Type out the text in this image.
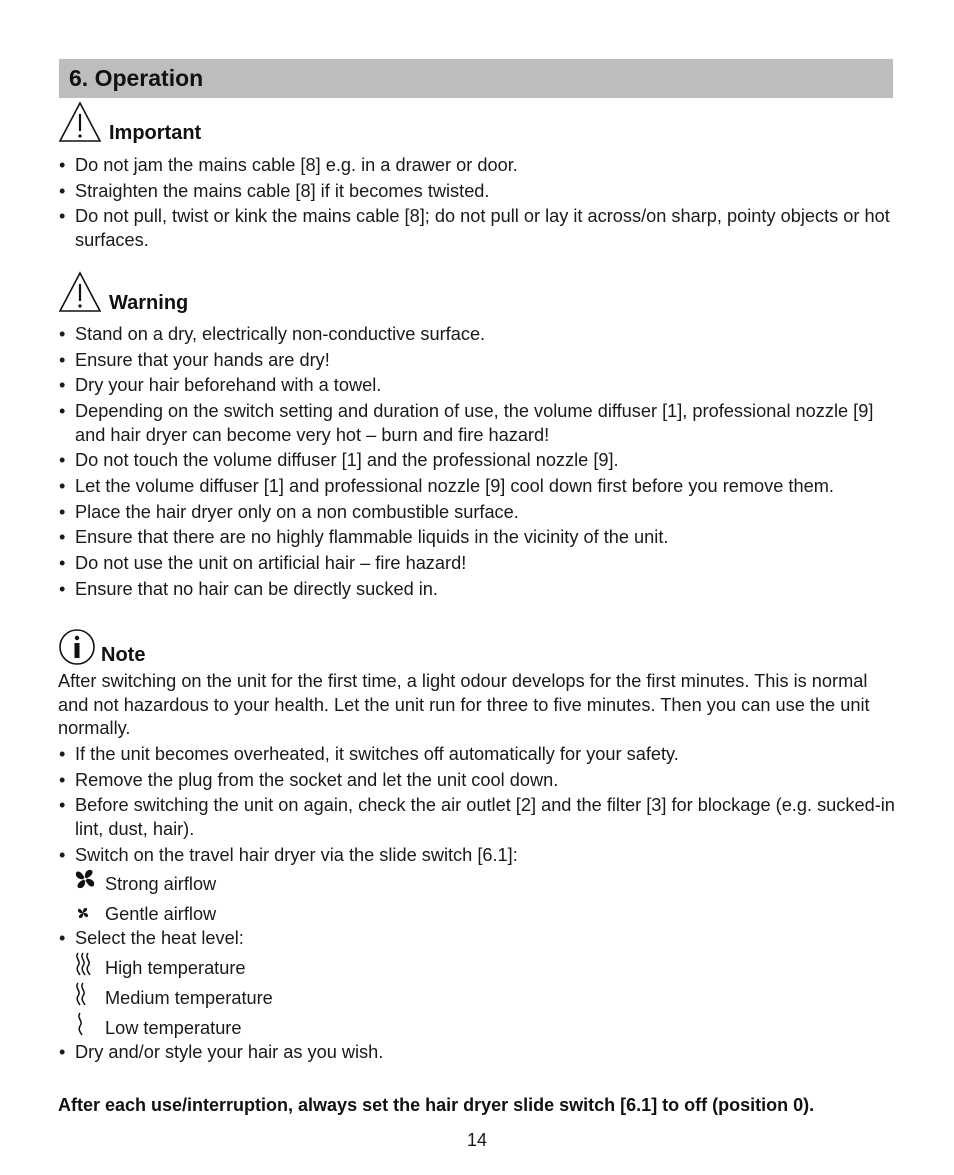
6. Operation
Important
• Do not jam the mains cable [8] e.g. in a drawer or door.
• Straighten the mains cable [8] if it becomes twisted.
• Do not pull, twist or kink the mains cable [8]; do not pull or lay it across/on sharp, pointy objects or hot surfaces.
Warning
• Stand on a dry, electrically non-conductive surface.
• Ensure that your hands are dry!
• Dry your hair beforehand with a towel.
• Depending on the switch setting and duration of use, the volume diffuser [1], professional nozzle [9] and hair dryer can become very hot – burn and fire hazard!
• Do not touch the volume diffuser [1] and the professional nozzle [9].
• Let the volume diffuser [1] and professional nozzle [9] cool down first before you remove them.
• Place the hair dryer only on a non combustible surface.
• Ensure that there are no highly flammable liquids in the vicinity of the unit.
• Do not use the unit on artificial hair – fire hazard!
• Ensure that no hair can be directly sucked in.
Note

After switching on the unit for the first time, a light odour develops for the first minutes. This is normal and not hazardous to your health. Let the unit run for three to five minutes. Then you can use the unit normally.

• If the unit becomes overheated, it switches off automatically for your safety.
• Remove the plug from the socket and let the unit cool down.
• Before switching the unit on again, check the air outlet [2] and the filter [3] for blockage (e.g. sucked-in lint, dust, hair).
• Switch on the travel hair dryer via the slide switch [6.1]:
Strong airflow
Gentle airflow
• Select the heat level:
High temperature
Medium temperature
Low temperature
• Dry and/or style your hair as you wish.
After each use/interruption, always set the hair dryer slide switch [6.1] to off (position 0).
14
